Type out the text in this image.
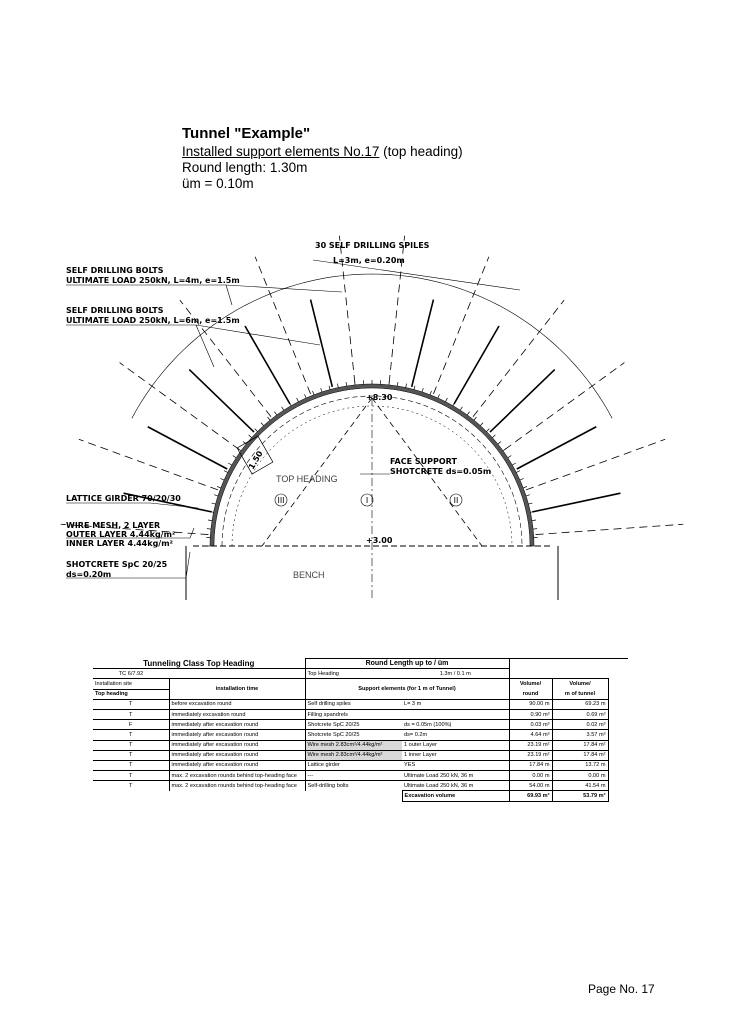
Tunnel "Example"
Installed support elements No.17 (top heading)
Round length: 1.30m
üm = 0.10m
1.50
+8.30
+3.00
III	I	II
TOP HEADING
BENCH
30 SELF DRILLING SPILES
L=3m, e=0.20m
SELF DRILLING BOLTS
ULTIMATE LOAD 250kN, L=4m, e=1.5m
SELF DRILLING BOLTS
ULTIMATE LOAD 250kN, L=6m, e=1.5m
LATTICE GIRDER 70/20/30
WIRE MESH, 2 LAYER
OUTER LAYER 4.44kg/m²
INNER LAYER 4.44kg/m²
SHOTCRETE SpC 20/25
ds=0.20m
FACE SUPPORT
SHOTCRETE ds=0.05m
Tunneling Class Top Heading		Round Length up to / üm				
TC 6/7.92		Top Heading	1.3m / 0.1 m			
Installation site	installation time	Support elements (for 1 m of Tunnel)		Volume/	Volume/	
Top heading				round	m of tunnel	
T	before excavation round	Self drilling spiles	L= 3 m	90.00 m	69.23 m	
T	immediately excavation round	Filling spandrels		0.90 m³	0.69 m³	
F	immediately after excavation round	Shotcrete SpC 20/25	ds = 0.05m (100%)	0.03 m³	0.02 m³	
T	immediately after excavation round	Shotcrete SpC 20/25	ds= 0.2m	4.64 m³	3.57 m³	
T	immediately after excavation round	Wire mesh 2.83cm²/4.44kg/m²	1 outer Layer	23.19 m²	17.84 m²	
T	immediately after excavation round	Wire mesh 2.83cm²/4.44kg/m²	1 inner Layer	23.19 m²	17.84 m²	
T	immediately after excavation round	Lattice girder	YES	17.84 m	13.72 m	
T	max. 2 excavation rounds behind top-heading face	---	Ultimate Load 250 kN, 36 m	0.00 m	0.00 m	
T	max. 2 excavation rounds behind top-heading face	Self-drilling bolts	Ultimate Load 250 kN, 36 m	54.00 m	41.54 m	
			Excavation volume	69.93 m³	53.79 m³	
Page No. 17
